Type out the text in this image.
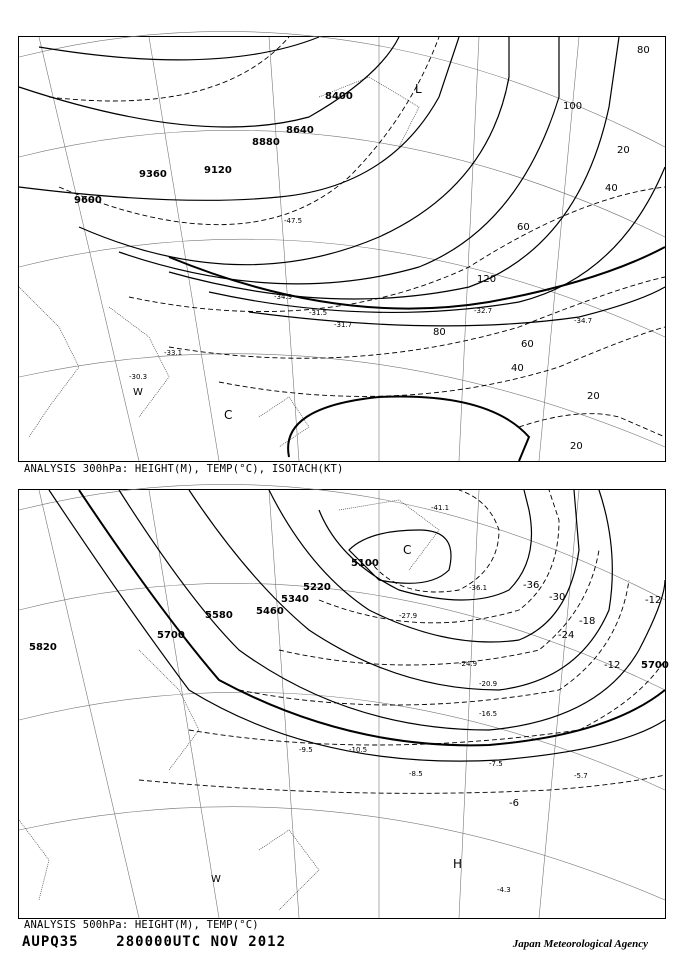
9600
9360	9120
8880
8640
8400
120
80
60
40
20
20
100
80
60
40
20
L
C
W
-31.7
-31.5
-34.9
-32.7
-34.7
-47.5
-30.3
-33.1
ANALYSIS 300hPa: HEIGHT(M), TEMP(°C), ISOTACH(KT)
5820
5700
5580 5460
5220
5340
5100
5700
-36
-30
-24
-18
-12
-6
-12
C
H
W
-41.1
-36.1
-27.9
-24.9
-20.9
-16.5
-10.5
-8.5
-7.5
-5.7
-9.5
-4.3
ANALYSIS 500hPa: HEIGHT(M), TEMP(°C)
AUPQ35	280000UTC NOV 2012	Japan Meteorological Agency
